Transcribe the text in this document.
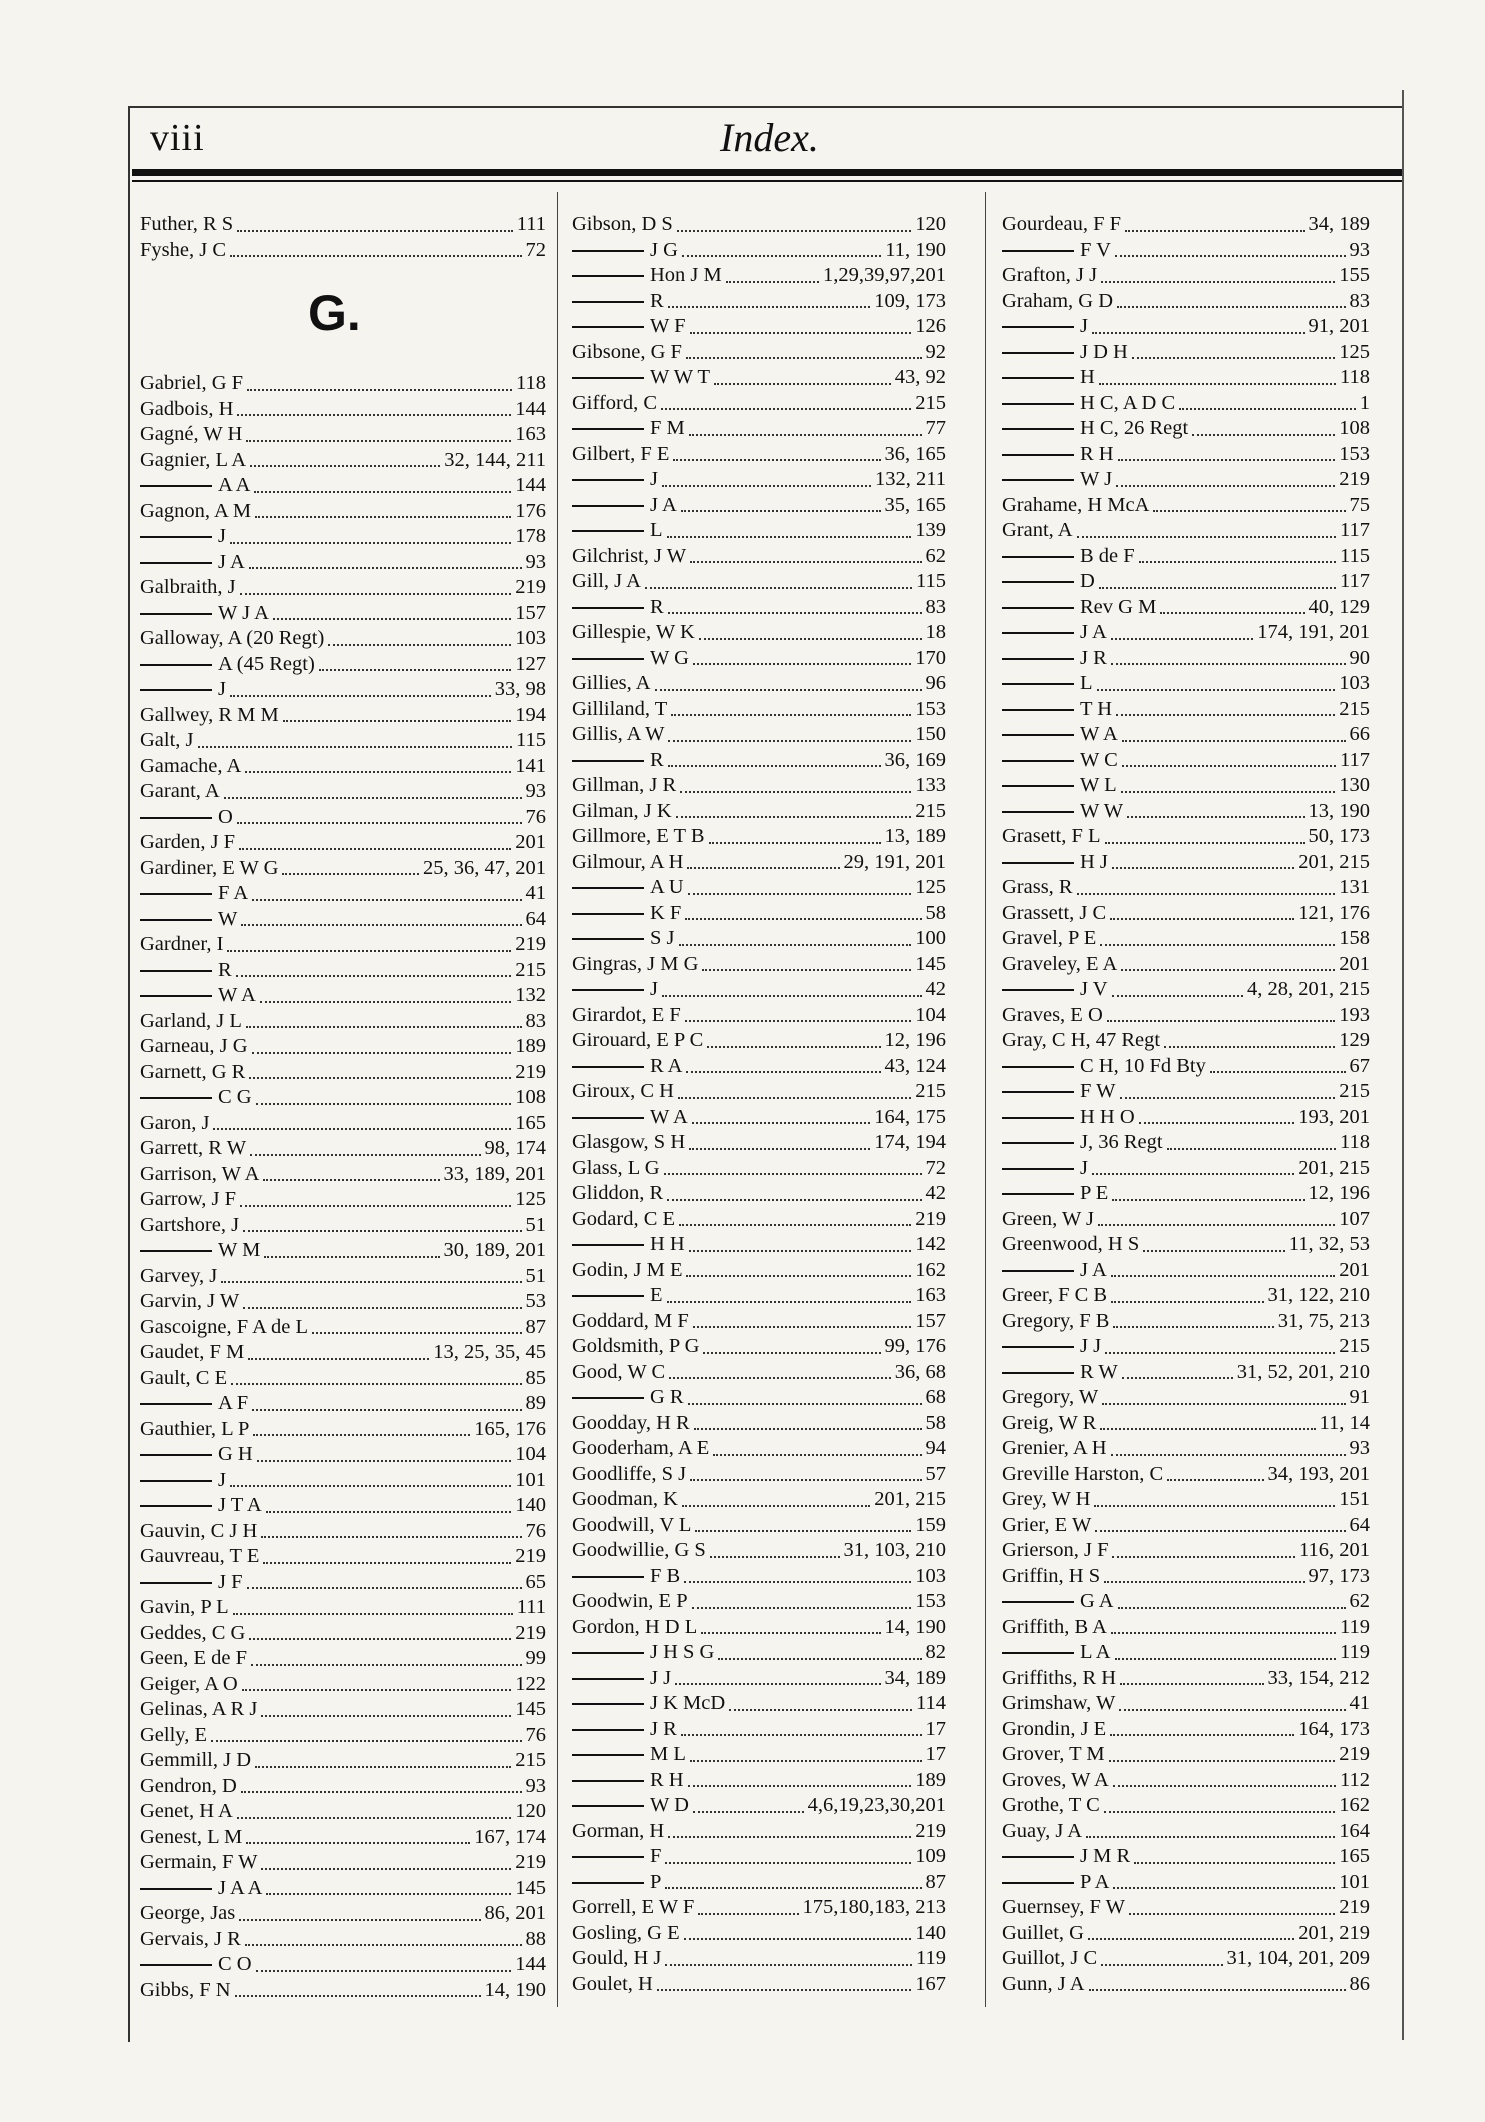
viii	Index.
Futher, R S	111
Fyshe, J C	72
G.
Gabriel, G F	118
Gadbois, H	144
Gagné, W H	163
Gagnier, L A	32, 144, 211
A A	144
Gagnon, A M	176
J	178
J A	93
Galbraith, J	219
W J A	157
Galloway, A (20 Regt)	103
A (45 Regt)	127
J	33, 98
Gallwey, R M M	194
Galt, J	115
Gamache, A	141
Garant, A	93
O	76
Garden, J F	201
Gardiner, E W G	25, 36, 47, 201
F A	41
W	64
Gardner, I	219
R	215
W A	132
Garland, J L	83
Garneau, J G	189
Garnett, G R	219
C G	108
Garon, J	165
Garrett, R W	98, 174
Garrison, W A	33, 189, 201
Garrow, J F	125
Gartshore, J	51
W M	30, 189, 201
Garvey, J	51
Garvin, J W	53
Gascoigne, F A de L	87
Gaudet, F M	13, 25, 35, 45
Gault, C E	85
A F	89
Gauthier, L P	165, 176
G H	104
J	101
J T A	140
Gauvin, C J H	76
Gauvreau, T E	219
J F	65
Gavin, P L	111
Geddes, C G	219
Geen, E de F	99
Geiger, A O	122
Gelinas, A R J	145
Gelly, E	76
Gemmill, J D	215
Gendron, D	93
Genet, H A	120
Genest, L M	167, 174
Germain, F W	219
J A A	145
George, Jas	86, 201
Gervais, J R	88
C O	144
Gibbs, F N	14, 190
Gibson, D S	120
J G	11, 190
Hon J M	1,29,39,97,201
R	109, 173
W F	126
Gibsone, G F	92
W W T	43, 92
Gifford, C	215
F M	77
Gilbert, F E	36, 165
J	132, 211
J A	35, 165
L	139
Gilchrist, J W	62
Gill, J A	115
R	83
Gillespie, W K	18
W G	170
Gillies, A	96
Gilliland, T	153
Gillis, A W	150
R	36, 169
Gillman, J R	133
Gilman, J K	215
Gillmore, E T B	13, 189
Gilmour, A H	29, 191, 201
A U	125
K F	58
S J	100
Gingras, J M G	145
J	42
Girardot, E F	104
Girouard, E P C	12, 196
R A	43, 124
Giroux, C H	215
W A	164, 175
Glasgow, S H	174, 194
Glass, L G	72
Gliddon, R	42
Godard, C E	219
H H	142
Godin, J M E	162
E	163
Goddard, M F	157
Goldsmith, P G	99, 176
Good, W C	36, 68
G R	68
Goodday, H R	58
Gooderham, A E	94
Goodliffe, S J	57
Goodman, K	201, 215
Goodwill, V L	159
Goodwillie, G S	31, 103, 210
F B	103
Goodwin, E P	153
Gordon, H D L	14, 190
J H S G	82
J J	34, 189
J K McD	114
J R	17
M L	17
R H	189
W D	4,6,19,23,30,201
Gorman, H	219
F	109
P	87
Gorrell, E W F	175,180,183, 213
Gosling, G E	140
Gould, H J	119
Goulet, H	167
Gourdeau, F F	34, 189
F V	93
Grafton, J J	155
Graham, G D	83
J	91, 201
J D H	125
H	118
H C, A D C	1
H C, 26 Regt	108
R H	153
W J	219
Grahame, H McA	75
Grant, A	117
B de F	115
D	117
Rev G M	40, 129
J A	174, 191, 201
J R	90
L	103
T H	215
W A	66
W C	117
W L	130
W W	13, 190
Grasett, F L	50, 173
H J	201, 215
Grass, R	131
Grassett, J C	121, 176
Gravel, P E	158
Graveley, E A	201
J V	4, 28, 201, 215
Graves, E O	193
Gray, C H, 47 Regt	129
C H, 10 Fd Bty	67
F W	215
H H O	193, 201
J, 36 Regt	118
J	201, 215
P E	12, 196
Green, W J	107
Greenwood, H S	11, 32, 53
J A	201
Greer, F C B	31, 122, 210
Gregory, F B	31, 75, 213
J J	215
R W	31, 52, 201, 210
Gregory, W	91
Greig, W R	11, 14
Grenier, A H	93
Greville Harston, C	34, 193, 201
Grey, W H	151
Grier, E W	64
Grierson, J F	116, 201
Griffin, H S	97, 173
G A	62
Griffith, B A	119
L A	119
Griffiths, R H	33, 154, 212
Grimshaw, W	41
Grondin, J E	164, 173
Grover, T M	219
Groves, W A	112
Grothe, T C	162
Guay, J A	164
J M R	165
P A	101
Guernsey, F W	219
Guillet, G	201, 219
Guillot, J C	31, 104, 201, 209
Gunn, J A	86
